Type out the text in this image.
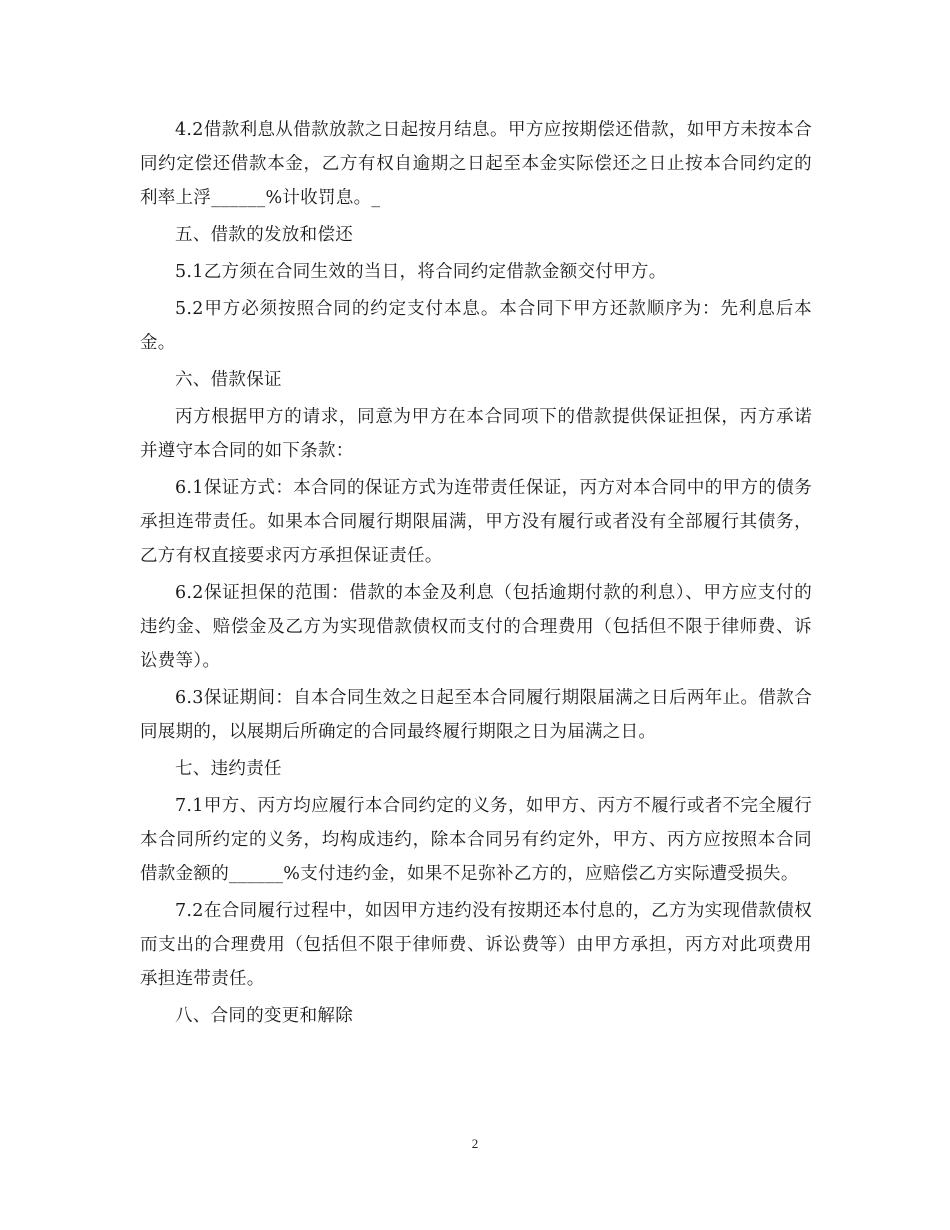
4.2借款利息从借款放款之日起按月结息。甲方应按期偿还借款，如甲方未按本合同约定偿还借款本金，乙方有权自逾期之日起至本金实际偿还之日止按本合同约定的利率上浮______%计收罚息。_

五、借款的发放和偿还

5.1乙方须在合同生效的当日，将合同约定借款金额交付甲方。

5.2甲方必须按照合同的约定支付本息。本合同下甲方还款顺序为：先利息后本金。

六、借款保证

丙方根据甲方的请求，同意为甲方在本合同项下的借款提供保证担保，丙方承诺并遵守本合同的如下条款：

6.1保证方式：本合同的保证方式为连带责任保证，丙方对本合同中的甲方的债务承担连带责任。如果本合同履行期限届满，甲方没有履行或者没有全部履行其债务，乙方有权直接要求丙方承担保证责任。

6.2保证担保的范围：借款的本金及利息（包括逾期付款的利息）、甲方应支付的违约金、赔偿金及乙方为实现借款债权而支付的合理费用（包括但不限于律师费、诉讼费等）。

6.3保证期间：自本合同生效之日起至本合同履行期限届满之日后两年止。借款合同展期的，以展期后所确定的合同最终履行期限之日为届满之日。

七、违约责任

7.1甲方、丙方均应履行本合同约定的义务，如甲方、丙方不履行或者不完全履行本合同所约定的义务，均构成违约，除本合同另有约定外，甲方、丙方应按照本合同借款金额的______%支付违约金，如果不足弥补乙方的，应赔偿乙方实际遭受损失。

7.2在合同履行过程中，如因甲方违约没有按期还本付息的，乙方为实现借款债权而支出的合理费用（包括但不限于律师费、诉讼费等）由甲方承担，丙方对此项费用承担连带责任。

八、合同的变更和解除

2
